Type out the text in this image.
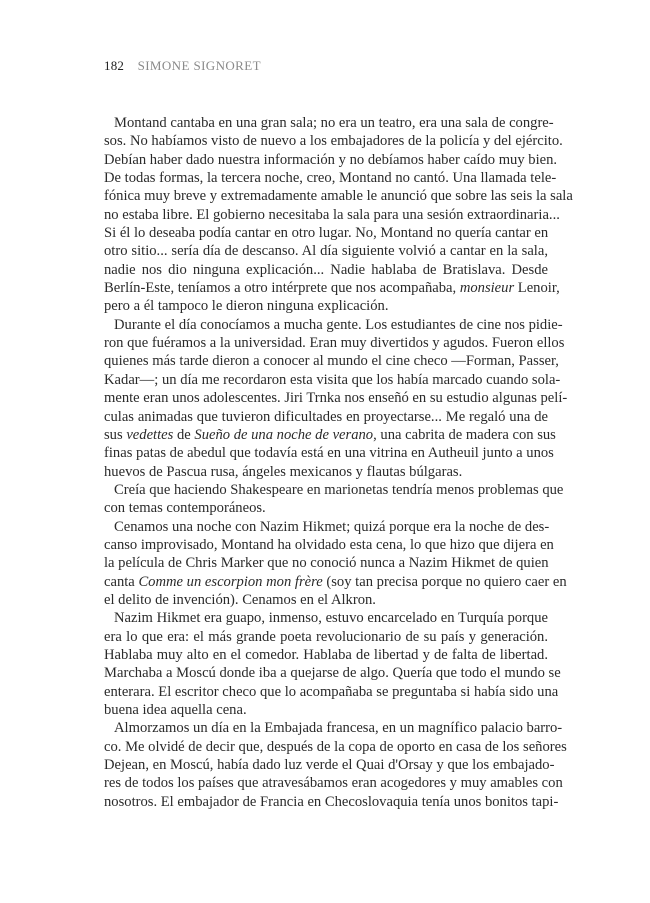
182 SIMONE SIGNORET
Montand cantaba en una gran sala; no era un teatro, era una sala de congre-
sos. No habíamos visto de nuevo a los embajadores de la policía y del ejército.
Debían haber dado nuestra información y no debíamos haber caído muy bien.
De todas formas, la tercera noche, creo, Montand no cantó. Una llamada tele-
fónica muy breve y extremadamente amable le anunció que sobre las seis la sala
no estaba libre. El gobierno necesitaba la sala para una sesión extraordinaria...
Si él lo deseaba podía cantar en otro lugar. No, Montand no quería cantar en
otro sitio... sería día de descanso. Al día siguiente volvió a cantar en la sala,
nadie nos dio ninguna explicación... Nadie hablaba de Bratislava. Desde
Berlín-Este, teníamos a otro intérprete que nos acompañaba, monsieur Lenoir,
pero a él tampoco le dieron ninguna explicación.
Durante el día conocíamos a mucha gente. Los estudiantes de cine nos pidie-
ron que fuéramos a la universidad. Eran muy divertidos y agudos. Fueron ellos
quienes más tarde dieron a conocer al mundo el cine checo —Forman, Passer,
Kadar—; un día me recordaron esta visita que los había marcado cuando sola-
mente eran unos adolescentes. Jiri Trnka nos enseñó en su estudio algunas pelí-
culas animadas que tuvieron dificultades en proyectarse... Me regaló una de
sus vedettes de Sueño de una noche de verano, una cabrita de madera con sus
finas patas de abedul que todavía está en una vitrina en Autheuil junto a unos
huevos de Pascua rusa, ángeles mexicanos y flautas búlgaras.
Creía que haciendo Shakespeare en marionetas tendría menos problemas que
con temas contemporáneos.
Cenamos una noche con Nazim Hikmet; quizá porque era la noche de des-
canso improvisado, Montand ha olvidado esta cena, lo que hizo que dijera en
la película de Chris Marker que no conoció nunca a Nazim Hikmet de quien
canta Comme un escorpion mon frère (soy tan precisa porque no quiero caer en
el delito de invención). Cenamos en el Alkron.
Nazim Hikmet era guapo, inmenso, estuvo encarcelado en Turquía porque
era lo que era: el más grande poeta revolucionario de su país y generación.
Hablaba muy alto en el comedor. Hablaba de libertad y de falta de libertad.
Marchaba a Moscú donde iba a quejarse de algo. Quería que todo el mundo se
enterara. El escritor checo que lo acompañaba se preguntaba si había sido una
buena idea aquella cena.
Almorzamos un día en la Embajada francesa, en un magnífico palacio barro-
co. Me olvidé de decir que, después de la copa de oporto en casa de los señores
Dejean, en Moscú, había dado luz verde el Quai d'Orsay y que los embajado-
res de todos los países que atravesábamos eran acogedores y muy amables con
nosotros. El embajador de Francia en Checoslovaquia tenía unos bonitos tapi-
